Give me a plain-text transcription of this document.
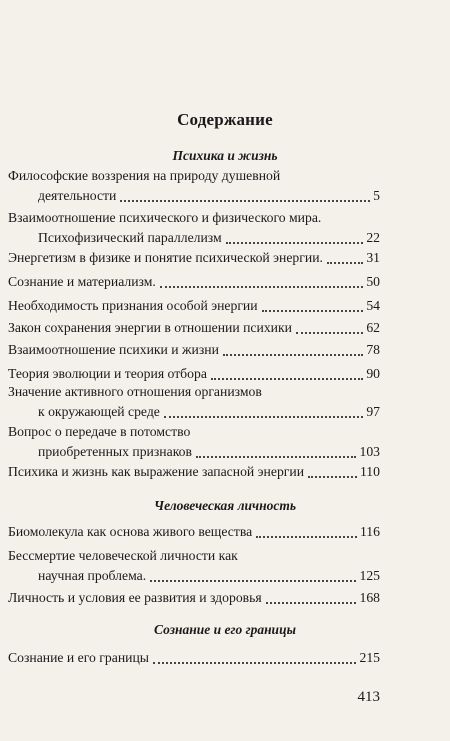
Содержание
Психика и жизнь
Философские воззрения на природу душевной
деятельности	5
Взаимоотношение психического и физического мира.
Психофизический параллелизм	22
Энергетизм в физике и понятие психической энергии.	31
Сознание и материализм.	50
Необходимость признания особой энергии	54
Закон сохранения энергии в отношении психики	62
Взаимоотношение психики и жизни	78
Теория эволюции и теория отбора	90
Значение активного отношения организмов
к окружающей среде	97
Вопрос о передаче в потомство
приобретенных признаков	103
Психика и жизнь как выражение запасной энергии	110
Человеческая личность
Биомолекула как основа живого вещества	116
Бессмертие человеческой личности как
научная проблема.	125
Личность и условия ее развития и здоровья	168
Сознание и его границы
Сознание и его границы	215
413
